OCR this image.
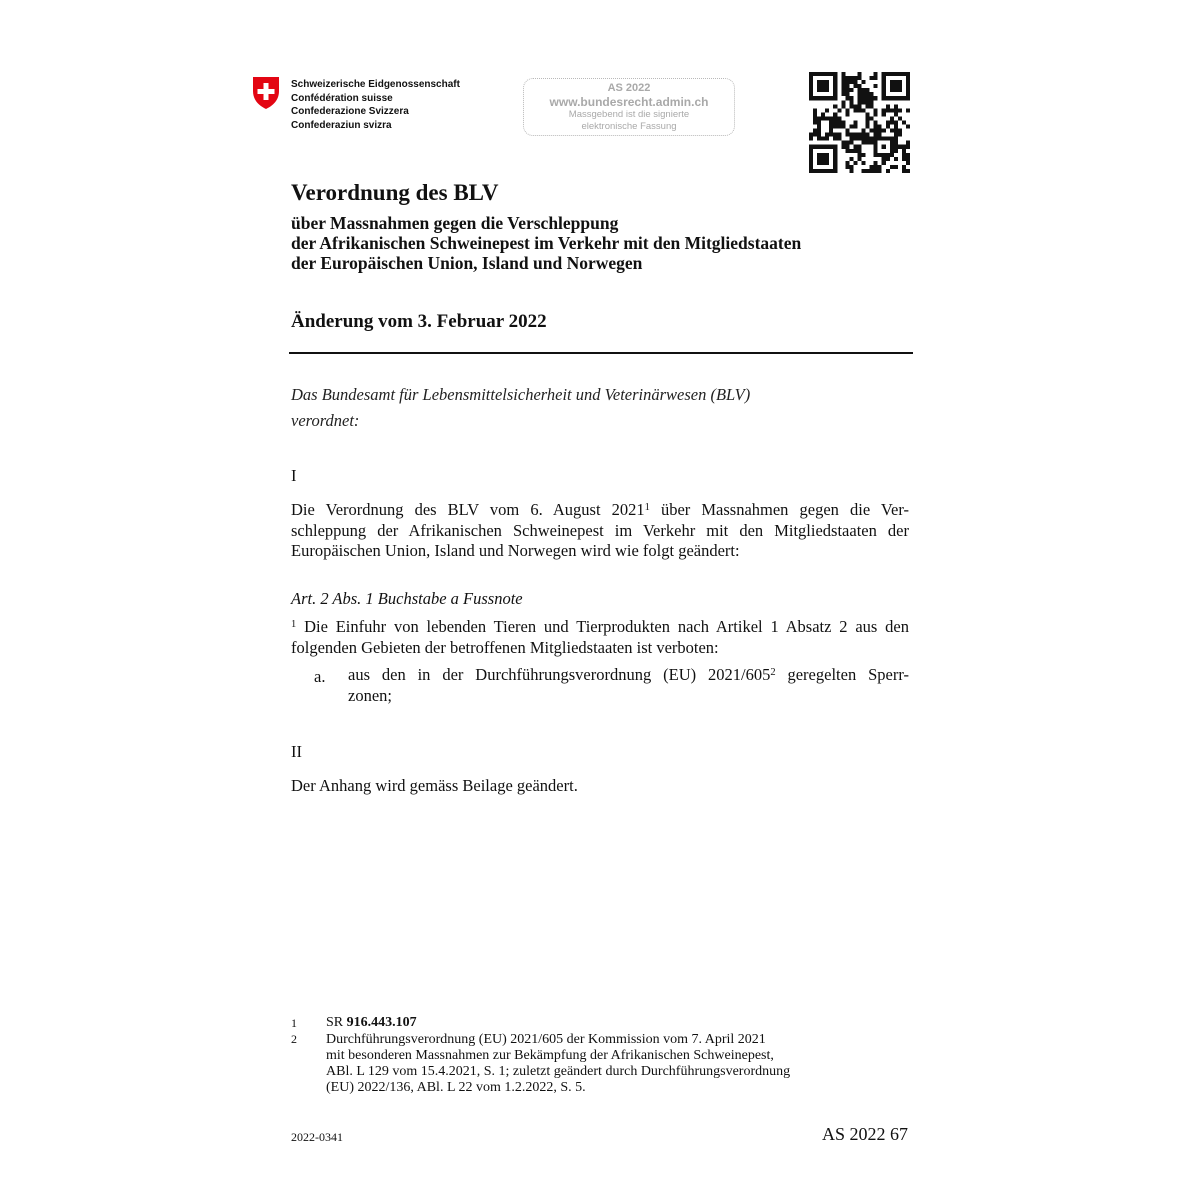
Schweizerische Eidgenossenschaft
Confédération suisse
Confederazione Svizzera
Confederaziun svizra
AS 2022
www.bundesrecht.admin.ch
Massgebend ist die signierte
elektronische Fassung
Verordnung des BLV
über Massnahmen gegen die Verschleppung
der Afrikanischen Schweinepest im Verkehr mit den Mitgliedstaaten
der Europäischen Union, Island und Norwegen
Änderung vom 3. Februar 2022
Das Bundesamt für Lebensmittelsicherheit und Veterinärwesen (BLV)
verordnet:
I
Die Verordnung des BLV vom 6. August 2021$^1$ über Massnahmen gegen die Ver-
schleppung der Afrikanischen Schweinepest im Verkehr mit den Mitgliedstaaten der
Europäischen Union, Island und Norwegen wird wie folgt geändert:
Art. 2 Abs. 1 Buchstabe a Fussnote
$^1$ Die Einfuhr von lebenden Tieren und Tierprodukten nach Artikel 1 Absatz 2 aus den
folgenden Gebieten der betroffenen Mitgliedstaaten ist verboten:
a. aus den in der Durchführungsverordnung (EU) $2021/605^2$ geregelten Sperr-
zonen;
II
Der Anhang wird gemäss Beilage geändert.
1 SR 916.443.107
2 Durchführungsverordnung (EU) 2021/605 der Kommission vom 7. April 2021
mit besonderen Massnahmen zur Bekämpfung der Afrikanischen Schweinepest,
ABl. L 129 vom 15.4.2021, S. 1; zuletzt geändert durch Durchführungsverordnung
(EU) 2022/136, ABl. L 22 vom 1.2.2022, S. 5.
2022-0341	AS 2022 67
